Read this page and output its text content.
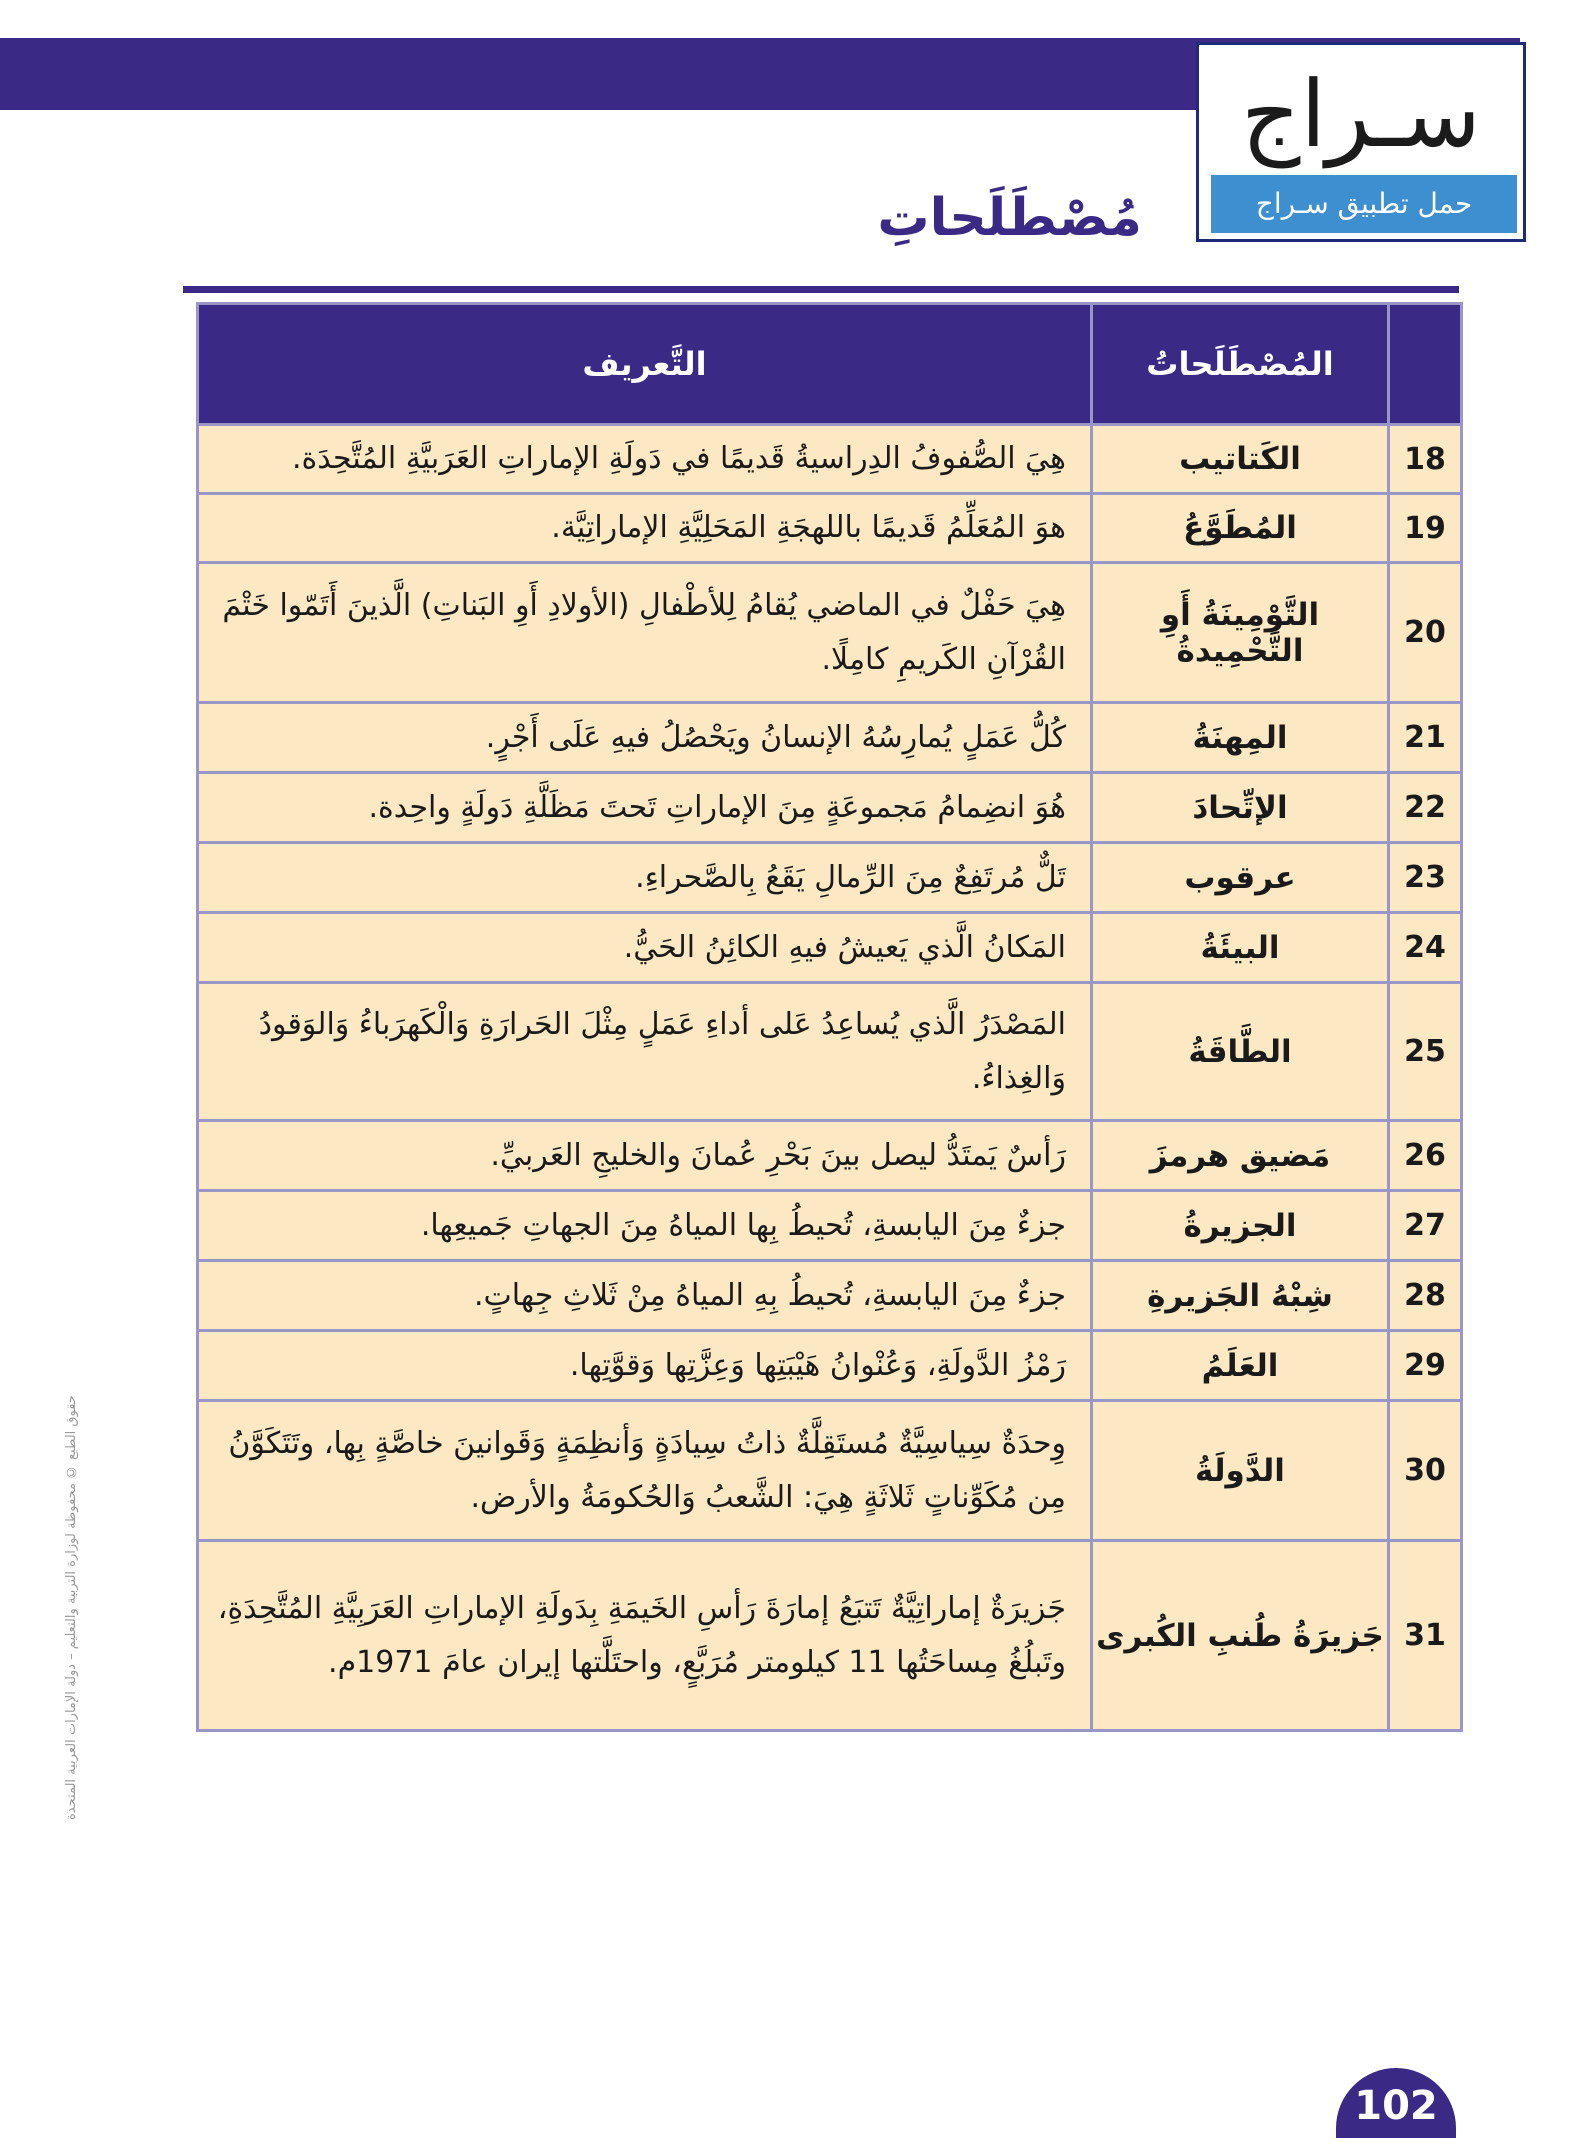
سـراج
حمل تطبيق سـراج
مُصْطَلَحاتِ
حقوق الطبع © محفوظة لوزارة التربية والتعليم – دولة الإمارات العربية المتحدة
	المُصْطَلَحاتُ	التَّعريف
18	الكَتاتيب	هِيَ الصُّفوفُ الدِراسيةُ قَديمًا في دَولَةِ الإماراتِ العَرَبيَّةِ المُتَّحِدَة.
19	المُطَوَّعُ	هوَ المُعَلِّمُ قَديمًا باللهجَةِ المَحَلِيَّةِ الإماراتِيَّة.
20	التَّوْمِينَةُ أَوِ التَّحْمِيدةُ	هِيَ حَفْلٌ في الماضي يُقامُ لِلأطْفالِ (الأولادِ أَوِ البَناتِ) الَّذينَ أَتَمّوا خَتْمَ القُرْآنِ الكَريمِ كامِلًا.
21	المِهنَةُ	كُلُّ عَمَلٍ يُمارِسُهُ الإنسانُ ويَحْصُلُ فيهِ عَلَى أَجْرٍ.
22	الإتِّحادَ	هُوَ انضِمامُ مَجموعَةٍ مِنَ الإماراتِ تَحتَ مَظَلَّةِ دَولَةٍ واحِدة.
23	عرقوب	تَلٌّ مُرتَفِعٌ مِنَ الرِّمالِ يَقَعُ بِالصَّحراءِ.
24	البيئَةُ	المَكانُ الَّذي يَعيشُ فيهِ الكائِنُ الحَيُّ.
25	الطَّاقَةُ	المَصْدَرُ الَّذي يُساعِدُ عَلى أداءِ عَمَلٍ مِثْلَ الحَرارَةِ وَالْكَهرَباءُ وَالوَقودُ وَالغِذاءُ.
26	مَضيق هرمزَ	رَأسٌ يَمتَدُّ ليصل بينَ بَحْرِ عُمانَ والخليجِ العَربيِّ.
27	الجزيرةُ	جزءٌ مِنَ اليابسةِ، تُحيطُ بِها المياهُ مِنَ الجهاتِ جَميعِها.
28	شِبْهُ الجَزيرةِ	جزءٌ مِنَ اليابسةِ، تُحيطُ بِهِ المياهُ مِنْ ثَلاثِ جِهاتٍ.
29	العَلَمُ	رَمْزُ الدَّولَةِ، وَعُنْوانُ هَيْبَتِها وَعِزَّتِها وَقوَّتِها.
30	الدَّولَةُ	وِحدَةٌ سِياسِيَّةٌ مُستَقِلَّةٌ ذاتُ سِيادَةٍ وَأنظِمَةٍ وَقَوانينَ خاصَّةٍ بِها، وتَتَكَوَّنُ مِن مُكَوِّناتٍ ثَلاثَةٍ هِيَ: الشَّعبُ وَالحُكومَةُ والأرض.
31	جَزيرَةُ طُنبِ الكُبرى	جَزيرَةٌ إماراتِيَّةٌ تَتبَعُ إمارَةَ رَأسِ الخَيمَةِ بِدَولَةِ الإماراتِ العَرَبِيَّةِ المُتَّحِدَةِ، وتَبلُغُ مِساحَتُها 11 كيلومتر مُرَبَّعٍ، واحتَلَّتها إيران عامَ 1971م.
102
